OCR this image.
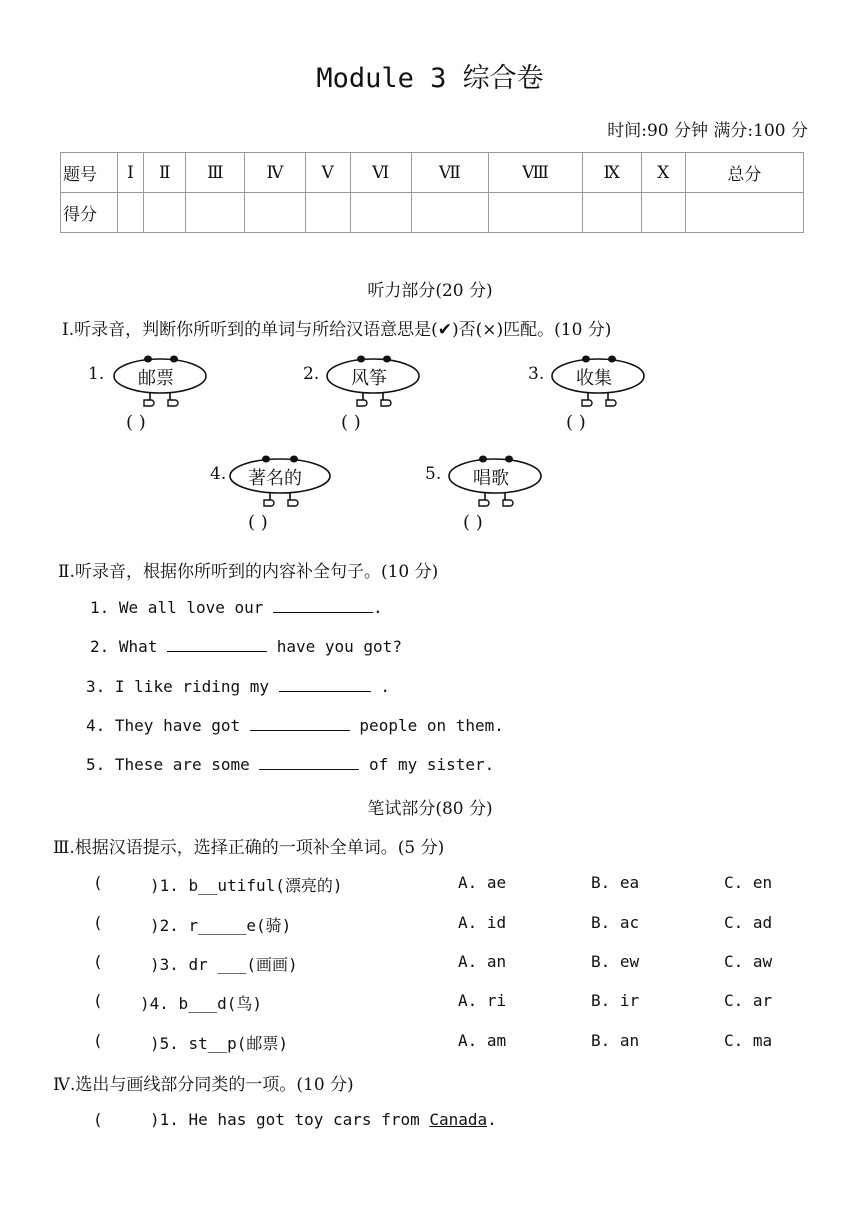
Module 3 综合卷
时间:90 分钟 满分:100 分
题号	Ⅰ	Ⅱ	Ⅲ	Ⅳ	Ⅴ	Ⅵ	Ⅶ	Ⅷ	Ⅸ	Ⅹ	总分
得分											
听力部分(20 分)
Ⅰ.听录音，判断你所听到的单词与所给汉语意思是(✔)否(×)匹配。(10 分)
1. 邮票
( )
2. 风筝
( )
3. 收集
( )
4. 著名的
( )
5. 唱歌
( )
Ⅱ.听录音，根据你所听到的内容补全句子。(10 分)
1. We all love our	.
2. What	have you got?
3. I like riding my	.
4. They have got	people on them.
5. These are some	of my sister.
笔试部分(80 分)
Ⅲ.根据汉语提示，选择正确的一项补全单词。(5 分)
(	)1. b__utiful(漂亮的)	A. ae	B. ea	C. en
(	)2. r_____e(骑)	A. id	B. ac	C. ad
(	)3. dr ___(画画)	A. an	B. ew	C. aw
( )4. b___d(鸟)	A. ri	B. ir	C. ar
(	)5. st__p(邮票)	A. am	B. an	C. ma
Ⅳ.选出与画线部分同类的一项。(10 分)
(	)1. He has got toy cars from Canada.
